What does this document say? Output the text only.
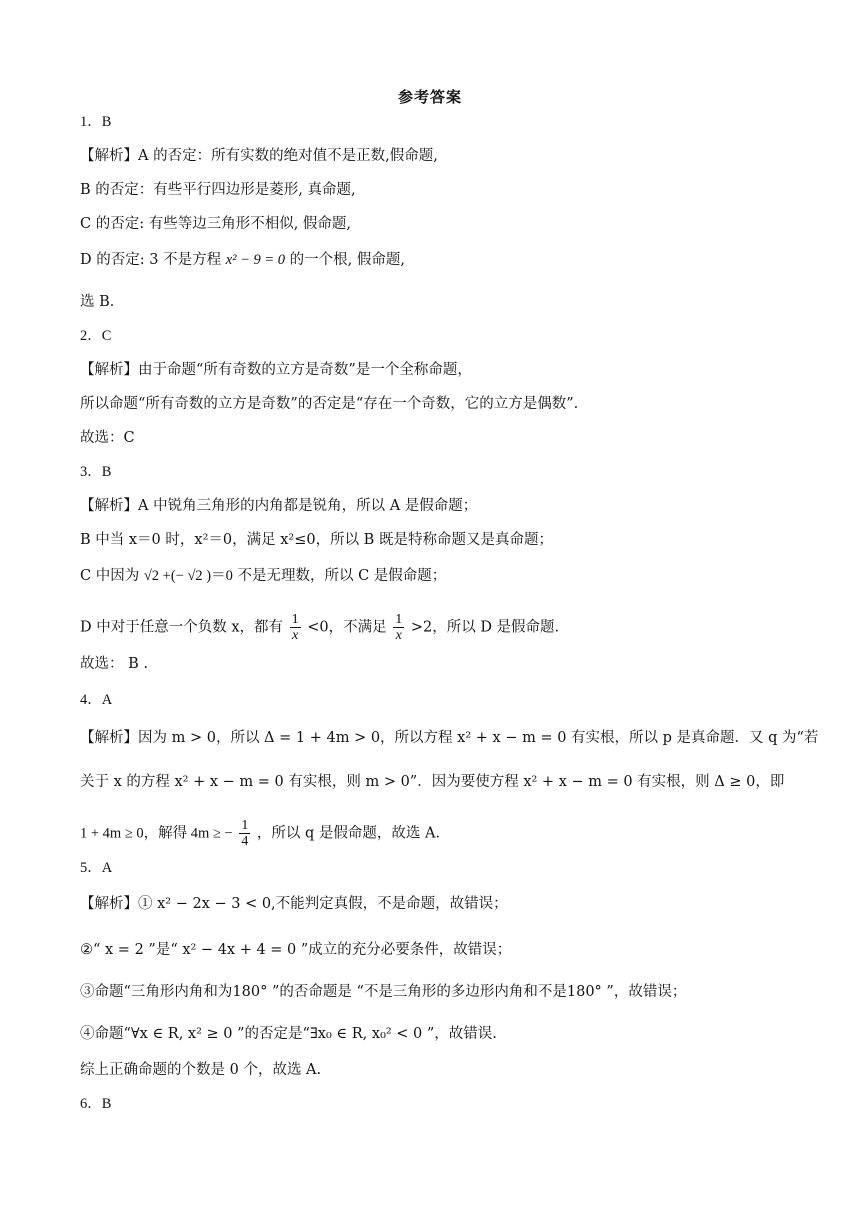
参考答案
1．B
【解析】A 的否定：所有实数的绝对值不是正数,假命题,
B 的否定：有些平行四边形是菱形, 真命题,
C 的否定: 有些等边三角形不相似, 假命题,
D 的否定: 3 不是方程 x² − 9 = 0 的一个根, 假命题,
选 B．
2．C
【解析】由于命题“所有奇数的立方是奇数”是一个全称命题，
所以命题“所有奇数的立方是奇数”的否定是“存在一个奇数，它的立方是偶数”.
故选：C
3．B
【解析】A 中锐角三角形的内角都是锐角，所以 A 是假命题；
B 中当 x＝0 时，x²＝0，满足 x²≤0，所以 B 既是特称命题又是真命题；
C 中因为 √2 +(− √2 )＝0 不是无理数，所以 C 是假命题；
D 中对于任意一个负数 x，都有 $\frac{1}{x} <0$，不满足 $\frac{1}{x} >2$，所以 D 是假命题.
故选： B .
4．A
【解析】因为 m > 0，所以 Δ = 1 + 4m > 0，所以方程 x² + x − m = 0 有实根，所以 p 是真命题．又 q 为“若
关于 x 的方程 x² + x − m = 0 有实根，则 m > 0”．因为要使方程 x² + x − m = 0 有实根，则 Δ ≥ 0，即
1 + 4m ≥ 0，解得 4m ≥ − $\frac{1}{4}$ ，所以 q 是假命题，故选 A．
5．A
【解析】① x² − 2x − 3 < 0,不能判定真假，不是命题，故错误；
②“ x = 2 ”是“ x² − 4x + 4 = 0 ”成立的充分必要条件，故错误；
③命题“三角形内角和为180° ”的否命题是 “不是三角形的多边形内角和不是180° ”，故错误；
④命题“∀x ∈ R, x² ≥ 0 ”的否定是“∃x₀ ∈ R, x₀² < 0 ”，故错误.
综上正确命题的个数是 0 个，故选 A.
6．B
